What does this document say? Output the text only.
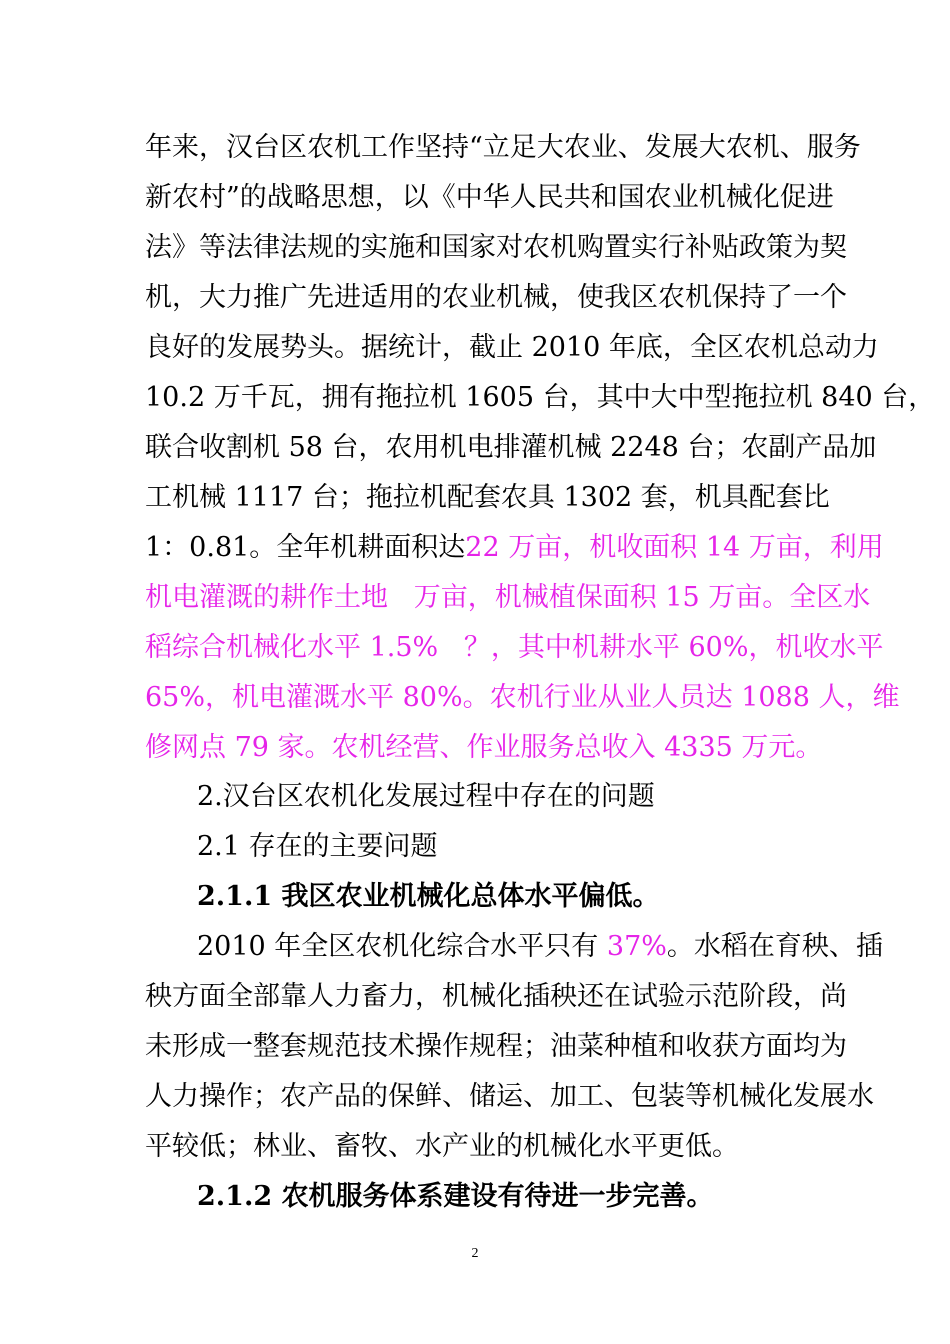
年来，汉台区农机工作坚持“立足大农业、发展大农机、服务
新农村”的战略思想，以《中华人民共和国农业机械化促进
法》等法律法规的实施和国家对农机购置实行补贴政策为契
机，大力推广先进适用的农业机械，使我区农机保持了一个
良好的发展势头。据统计，截止 2010 年底，全区农机总动力
10.2 万千瓦，拥有拖拉机 1605 台，其中大中型拖拉机 840 台，
联合收割机 58 台，农用机电排灌机械 2248 台；农副产品加
工机械 1117 台；拖拉机配套农具 1302 套，机具配套比
1：0.81。全年机耕面积达22 万亩，机收面积 14 万亩，利用
机电灌溉的耕作土地   万亩，机械植保面积 15 万亩。全区水
稻综合机械化水平 1.5%   ？，其中机耕水平 60%，机收水平
65%，机电灌溉水平 80%。农机行业从业人员达 1088 人，维
修网点 79 家。农机经营、作业服务总收入 4335 万元。
2.汉台区农机化发展过程中存在的问题
2.1 存在的主要问题
2.1.1 我区农业机械化总体水平偏低。
2010 年全区农机化综合水平只有 37%。水稻在育秧、插
秧方面全部靠人力畜力，机械化插秧还在试验示范阶段，尚
未形成一整套规范技术操作规程；油菜种植和收获方面均为
人力操作；农产品的保鲜、储运、加工、包装等机械化发展水
平较低；林业、畜牧、水产业的机械化水平更低。
2.1.2 农机服务体系建设有待进一步完善。
2
